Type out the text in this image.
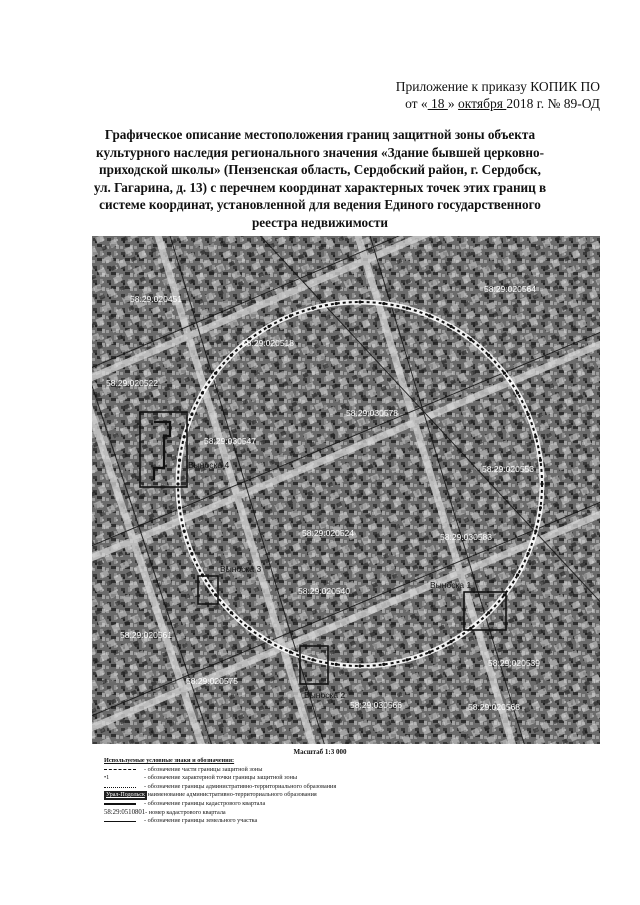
Приложение к приказу КОПИК ПО
от « 18 » октября 2018 г. № 89-ОД
Графическое описание местоположения границ защитной зоны объекта культурного наследия регионального значения «Здание бывшей церковно-приходской школы» (Пензенская область, Сердобский район, г. Сердобск, ул. Гагарина, д. 13) с перечнем координат характерных точек этих границ в системе координат, установленной для ведения Единого государственного реестра недвижимости
Выноска 4
Выноска 3
Выноска 1
Выноска 2
58:29:020451
58:29:020518
58:29:020564
58:29:020522
58:29:030578
58:29:030547
58:29:020553
58:29:020524	58:29:030583
58:29:020540
58:29:020561
58:29:020539
58:29:020575
58:29:030566	58:29:020568
Масштаб 1:3 000
Используемые условные знаки и обозначения:
- обозначение части границы защитной зоны
•1	- обозначение характерной точки границы защитной зоны
- обозначение границы административно-территориального образования
Урал-Подольск - наименование административно-территориального образования
- обозначение границы кадастрового квартала
58:29:0510801 - номер кадастрового квартала
- обозначение границы земельного участка
